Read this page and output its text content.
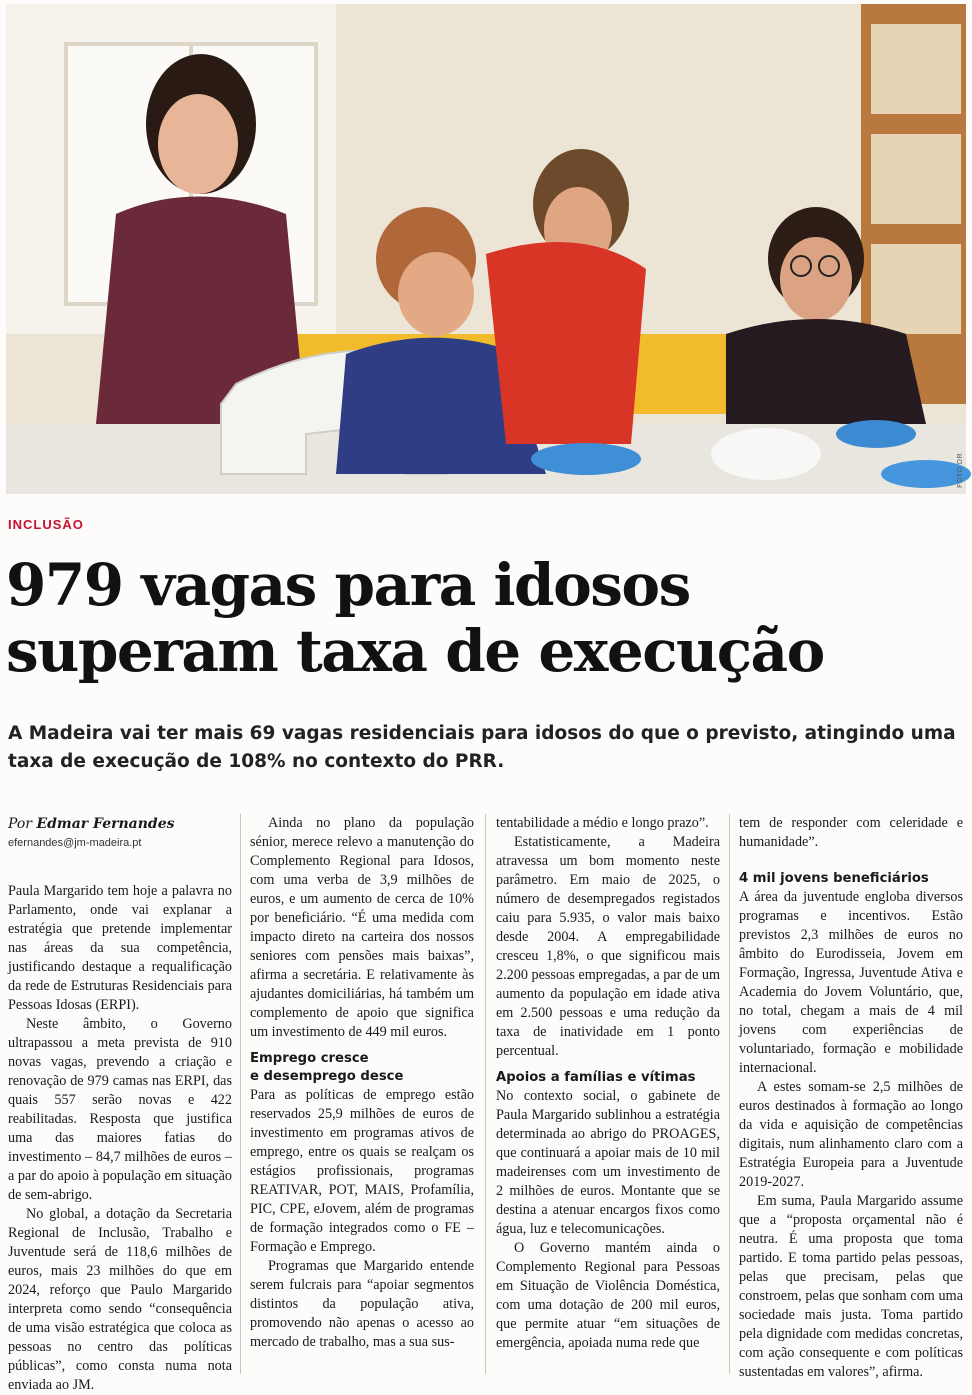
FOTO DR
INCLUSÃO
979 vagas para idosos
superam taxa de execução
A Madeira vai ter mais 69 vagas residenciais para idosos do que o previsto, atingindo uma taxa de execução de 108% no contexto do PRR.
Por Edmar Fernandes
efernandes@jm-madeira.pt

Paula Margarido tem hoje a palavra no Parlamento, onde vai explanar a estratégia que pretende implementar nas áreas da sua competência, justificando destaque a requalificação da rede de Estruturas Residenciais para Pessoas Idosas (ERPI).

Neste âmbito, o Governo ultrapassou a meta prevista de 910 novas vagas, prevendo a criação e renovação de 979 camas nas ERPI, das quais 557 serão novas e 422 reabilitadas. Resposta que justifica uma das maiores fatias do investimento – 84,7 milhões de euros – a par do apoio à população em situação de sem-abrigo.

No global, a dotação da Secretaria Regional de Inclusão, Trabalho e Juventude será de 118,6 milhões de euros, mais 23 milhões do que em 2024, reforço que Paulo Margarido interpreta como sendo “consequência de uma visão estratégica que coloca as pessoas no centro das políticas públicas”, como consta numa nota enviada ao JM.

Ainda no plano da população sénior, merece relevo a manutenção do Complemento Regional para Idosos, com uma verba de 3,9 milhões de euros, e um aumento de cerca de 10% por beneficiário. “É uma medida com impacto direto na carteira dos nossos seniores com pensões mais baixas”, afirma a secretária. E relativamente às ajudantes domiciliárias, há também um complemento de apoio que significa um investimento de 449 mil euros.

Emprego cresce
e desemprego desce

Para as políticas de emprego estão reservados 25,9 milhões de euros de investimento em programas ativos de emprego, entre os quais se realçam os estágios profissionais, programas REATIVAR, POT, MAIS, Profamília, PIC, CPE, eJovem, além de programas de formação integrados como o FE – Formação e Emprego.

Programas que Margarido entende serem fulcrais para “apoiar segmentos distintos da população ativa, promovendo não apenas o acesso ao mercado de trabalho, mas a sua sus-

tentabilidade a médio e longo prazo”.

Estatisticamente, a Madeira atravessa um bom momento neste parâmetro. Em maio de 2025, o número de desempregados registados caiu para 5.935, o valor mais baixo desde 2004. A empregabilidade cresceu 1,8%, o que significou mais 2.200 pessoas empregadas, a par de um aumento da população em idade ativa em 2.500 pessoas e uma redução da taxa de inatividade em 1 ponto percentual.

Apoios a famílias e vítimas

No contexto social, o gabinete de Paula Margarido sublinhou a estratégia determinada ao abrigo do PROAGES, que continuará a apoiar mais de 10 mil madeirenses com um investimento de 2 milhões de euros. Montante que se destina a atenuar encargos fixos como água, luz e telecomunicações.

O Governo mantém ainda o Complemento Regional para Pessoas em Situação de Violência Doméstica, com uma dotação de 200 mil euros, que permite atuar “em situações de emergência, apoiada numa rede que

tem de responder com celeridade e humanidade”.

4 mil jovens beneficiários

A área da juventude engloba diversos programas e incentivos. Estão previstos 2,3 milhões de euros no âmbito do Eurodisseia, Jovem em Formação, Ingressa, Juventude Ativa e Academia do Jovem Voluntário, que, no total, chegam a mais de 4 mil jovens com experiências de voluntariado, formação e mobilidade internacional.

A estes somam-se 2,5 milhões de euros destinados à formação ao longo da vida e aquisição de competências digitais, num alinhamento claro com a Estratégia Europeia para a Juventude 2019-2027.

Em suma, Paula Margarido assume que a “proposta orçamental não é neutra. É uma proposta que toma partido. E toma partido pelas pessoas, pelas que precisam, pelas que constroem, pelas que sonham com uma sociedade mais justa. Toma partido pela dignidade com medidas concretas, com ação consequente e com políticas sustentadas em valores”, afirma.
